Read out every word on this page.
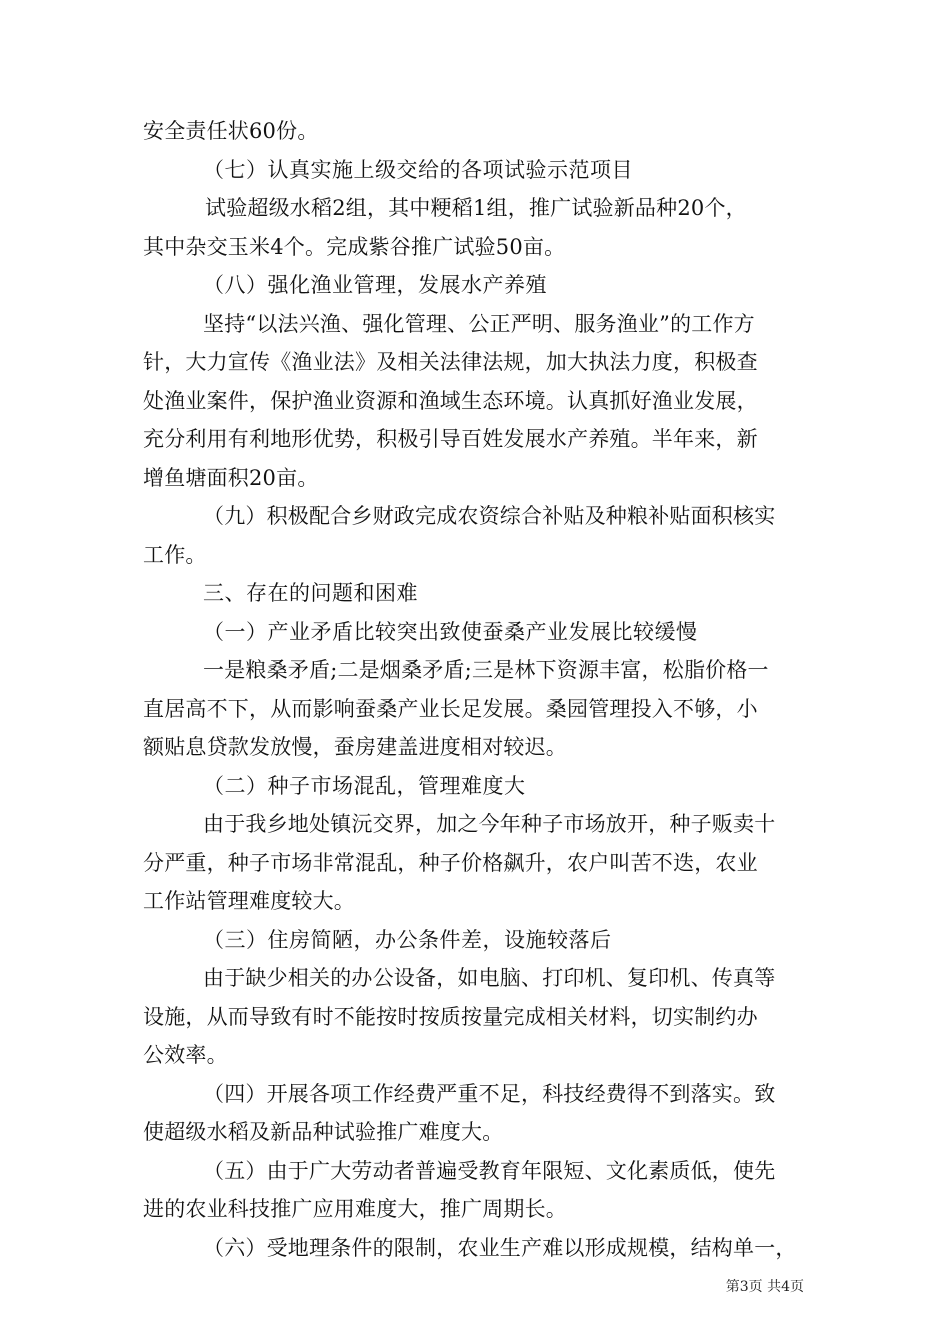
安全责任状60份。
（七）认真实施上级交给的各项试验示范项目
试验超级水稻2组，其中粳稻1组，推广试验新品种20个，
其中杂交玉米4个。完成紫谷推广试验50亩。
（八）强化渔业管理，发展水产养殖
坚持“以法兴渔、强化管理、公正严明、服务渔业”的工作方
针，大力宣传《渔业法》及相关法律法规，加大执法力度，积极查
处渔业案件，保护渔业资源和渔域生态环境。认真抓好渔业发展，
充分利用有利地形优势，积极引导百姓发展水产养殖。半年来，新
增鱼塘面积20亩。
（九）积极配合乡财政完成农资综合补贴及种粮补贴面积核实
工作。
三、存在的问题和困难
（一）产业矛盾比较突出致使蚕桑产业发展比较缓慢
一是粮桑矛盾;二是烟桑矛盾;三是林下资源丰富，松脂价格一
直居高不下，从而影响蚕桑产业长足发展。桑园管理投入不够，小
额贴息贷款发放慢，蚕房建盖进度相对较迟。
（二）种子市场混乱，管理难度大
由于我乡地处镇沅交界，加之今年种子市场放开，种子贩卖十
分严重，种子市场非常混乱，种子价格飙升，农户叫苦不迭，农业
工作站管理难度较大。
（三）住房简陋，办公条件差，设施较落后
由于缺少相关的办公设备，如电脑、打印机、复印机、传真等
设施，从而导致有时不能按时按质按量完成相关材料，切实制约办
公效率。
（四）开展各项工作经费严重不足，科技经费得不到落实。致
使超级水稻及新品种试验推广难度大。
（五）由于广大劳动者普遍受教育年限短、文化素质低，使先
进的农业科技推广应用难度大，推广周期长。
（六）受地理条件的限制，农业生产难以形成规模，结构单一，
第3页 共4页
